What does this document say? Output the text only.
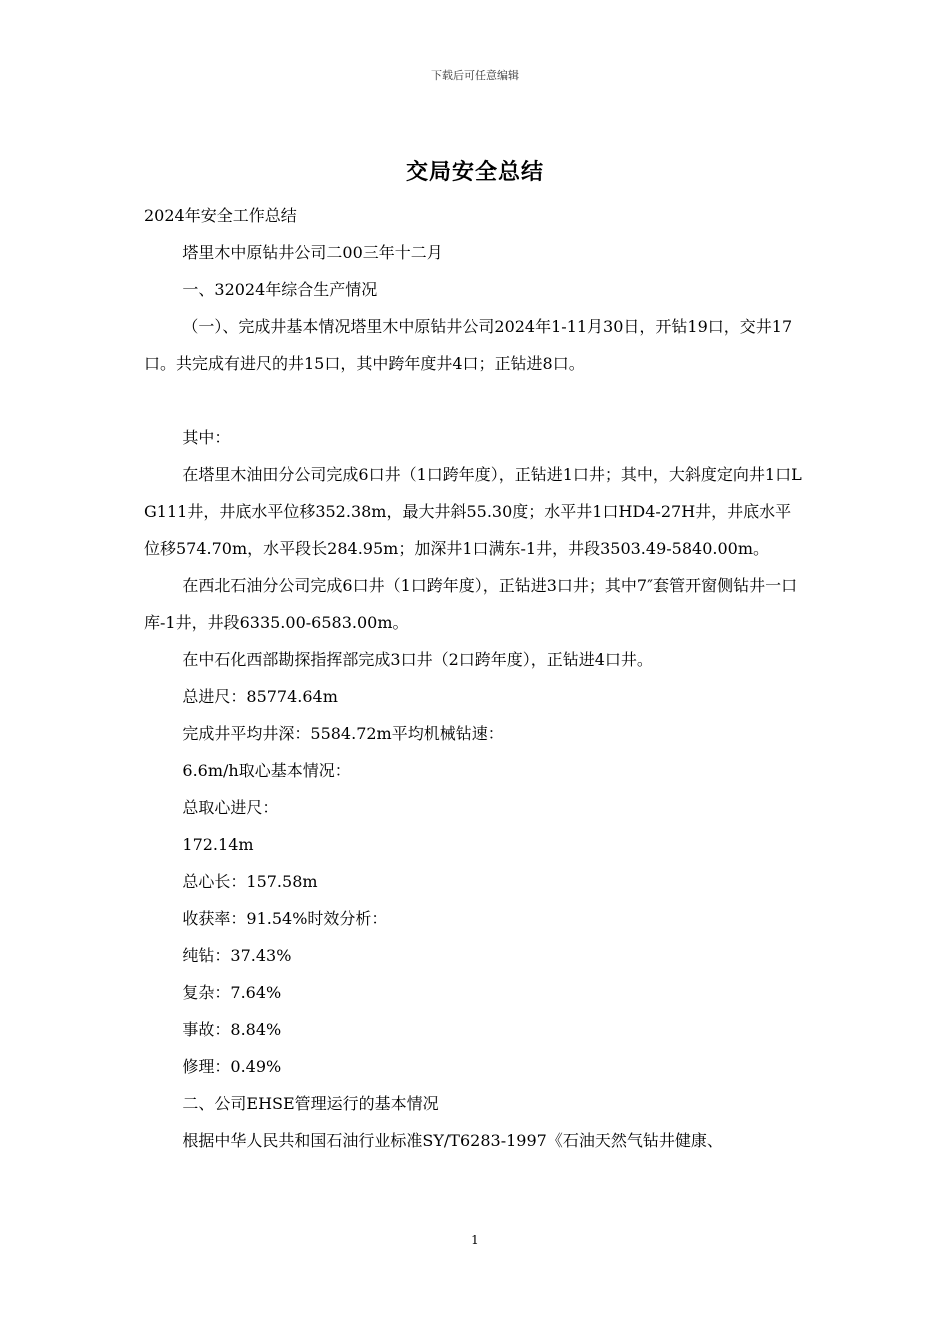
下载后可任意编辑
交局安全总结

2024年安全工作总结

塔里木中原钻井公司二00三年十二月

一、32024年综合生产情况

（一）、完成井基本情况塔里木中原钻井公司2024年1-11月30日，开钻19口，交井17口。共完成有进尺的井15口，其中跨年度井4口；正钻进8口。

其中：

在塔里木油田分公司完成6口井（1口跨年度），正钻进1口井；其中，大斜度定向井1口LG111井，井底水平位移352.38m，最大井斜55.30度；水平井1口HD4-27H井，井底水平位移574.70m，水平段长284.95m；加深井1口满东-1井，井段3503.49-5840.00m。

在西北石油分公司完成6口井（1口跨年度），正钻进3口井；其中7″套管开窗侧钻井一口库-1井，井段6335.00-6583.00m。

在中石化西部勘探指挥部完成3口井（2口跨年度），正钻进4口井。

总进尺：85774.64m

完成井平均井深：5584.72m平均机械钻速：

6.6m/h取心基本情况：

总取心进尺：

172.14m

总心长：157.58m

收获率：91.54%时效分析：

纯钻：37.43%

复杂：7.64%

事故：8.84%

修理：0.49%

二、公司EHSE管理运行的基本情况

根据中华人民共和国石油行业标准SY/T6283-1997《石油天然气钻井健康、

1
